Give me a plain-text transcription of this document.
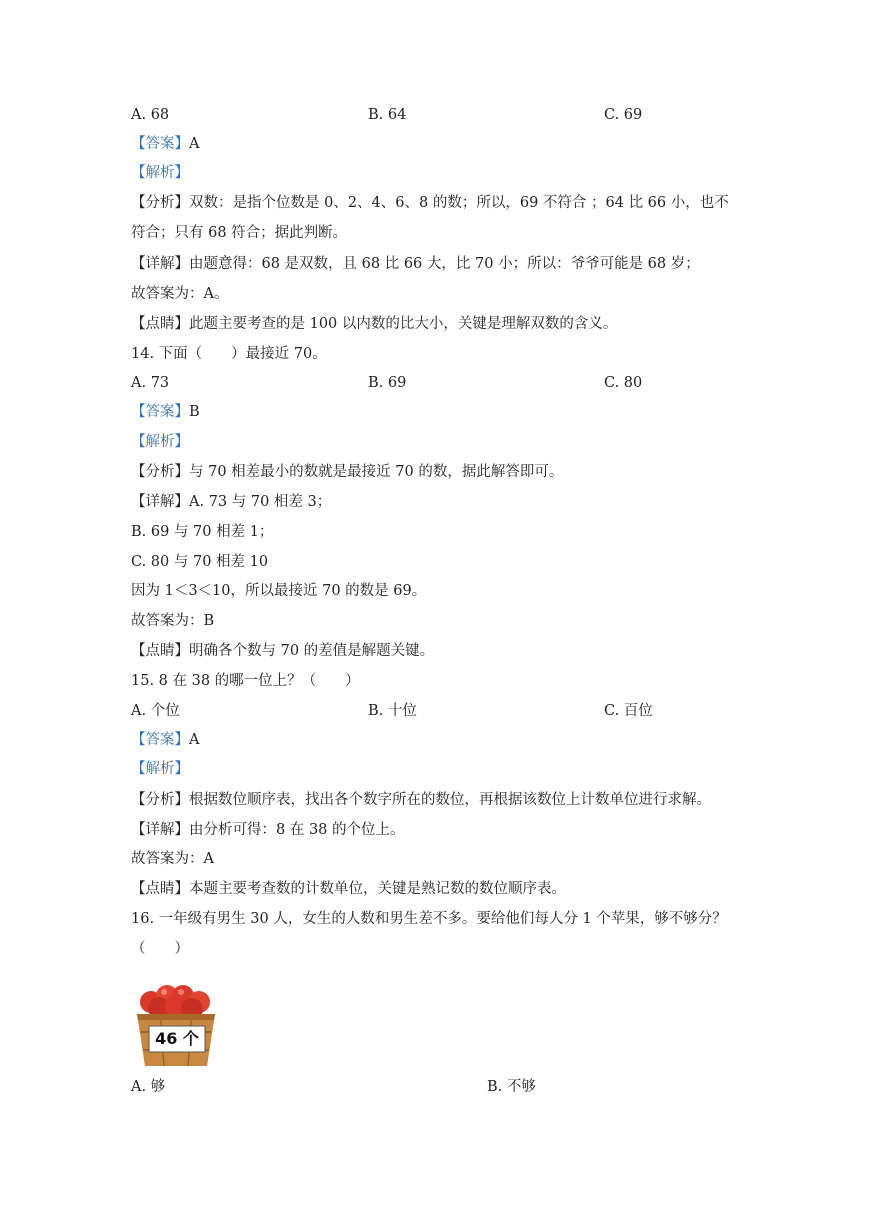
A. 68	B. 64	C. 69
【答案】A
【解析】
【分析】双数：是指个位数是 0、2、4、6、8 的数；所以，69 不符合 ；64 比 66 小，也不
符合；只有 68 符合；据此判断。
【详解】由题意得：68 是双数，且 68 比 66 大，比 70 小；所以：爷爷可能是 68 岁；
故答案为：A。
【点睛】此题主要考查的是 100 以内数的比大小，关键是理解双数的含义。
14. 下面（　　）最接近 70。
A. 73	B. 69	C. 80
【答案】B
【解析】
【分析】与 70 相差最小的数就是最接近 70 的数，据此解答即可。
【详解】A. 73 与 70 相差 3；
B. 69 与 70 相差 1；
C. 80 与 70 相差 10
因为 1＜3＜10，所以最接近 70 的数是 69。
故答案为：B
【点睛】明确各个数与 70 的差值是解题关键。
15. 8 在 38 的哪一位上？（　　）
A. 个位	B. 十位	C. 百位
【答案】A
【解析】
【分析】根据数位顺序表，找出各个数字所在的数位，再根据该数位上计数单位进行求解。
【详解】由分析可得：8 在 38 的个位上。
故答案为：A
【点睛】本题主要考查数的计数单位，关键是熟记数的数位顺序表。
16. 一年级有男生 30 人，女生的人数和男生差不多。要给他们每人分 1 个苹果，够不够分？
（　　）
46 个
A. 够	B. 不够
